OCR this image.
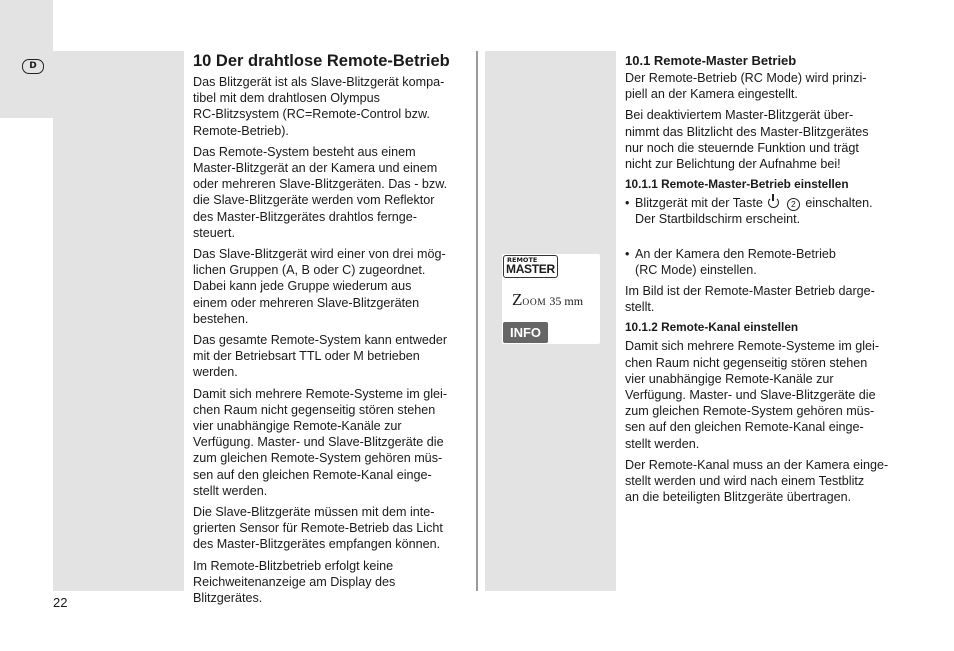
D
22
10 Der drahtlose Remote-Betrieb

Das Blitzgerät ist als Slave-Blitzgerät kompa-
tibel mit dem drahtlosen Olympus
RC-Blitzsystem (RC=Remote-Control bzw.
Remote-Betrieb).

Das Remote-System besteht aus einem
Master-Blitzgerät an der Kamera und einem
oder mehreren Slave-Blitzgeräten. Das - bzw.
die Slave-Blitzgeräte werden vom Reflektor
des Master-Blitzgerätes drahtlos fernge-
steuert.

Das Slave-Blitzgerät wird einer von drei mög-
lichen Gruppen (A, B oder C) zugeordnet.
Dabei kann jede Gruppe wiederum aus
einem oder mehreren Slave-Blitzgeräten
bestehen.

Das gesamte Remote-System kann entweder
mit der Betriebsart TTL oder M betrieben
werden.

Damit sich mehrere Remote-Systeme im glei-
chen Raum nicht gegenseitig stören stehen
vier unabhängige Remote-Kanäle zur
Verfügung. Master- und Slave-Blitzgeräte die
zum gleichen Remote-System gehören müs-
sen auf den gleichen Remote-Kanal einge-
stellt werden.

Die Slave-Blitzgeräte müssen mit dem inte-
grierten Sensor für Remote-Betrieb das Licht
des Master-Blitzgerätes empfangen können.

Im Remote-Blitzbetrieb erfolgt keine
Reichweitenanzeige am Display des
Blitzgerätes.

REMOTE
MASTER
ZOOM 35 mm
INFO
10.1 Remote-Master Betrieb

Der Remote-Betrieb (RC Mode) wird prinzi-
piell an der Kamera eingestellt.

Bei deaktiviertem Master-Blitzgerät über-
nimmt das Blitzlicht des Master-Blitzgerätes
nur noch die steuernde Funktion und trägt
nicht zur Belichtung der Aufnahme bei!

10.1.1 Remote-Master-Betrieb einstellen
• Blitzgerät mit der Taste	2 einschalten.
Der Startbildschirm erscheint.
• An der Kamera den Remote-Betrieb
(RC Mode) einstellen.

Im Bild ist der Remote-Master Betrieb darge-
stellt.

10.1.2 Remote-Kanal einstellen

Damit sich mehrere Remote-Systeme im glei-
chen Raum nicht gegenseitig stören stehen
vier unabhängige Remote-Kanäle zur
Verfügung. Master- und Slave-Blitzgeräte die
zum gleichen Remote-System gehören müs-
sen auf den gleichen Remote-Kanal einge-
stellt werden.

Der Remote-Kanal muss an der Kamera einge-
stellt werden und wird nach einem Testblitz
an die beteiligten Blitzgeräte übertragen.
